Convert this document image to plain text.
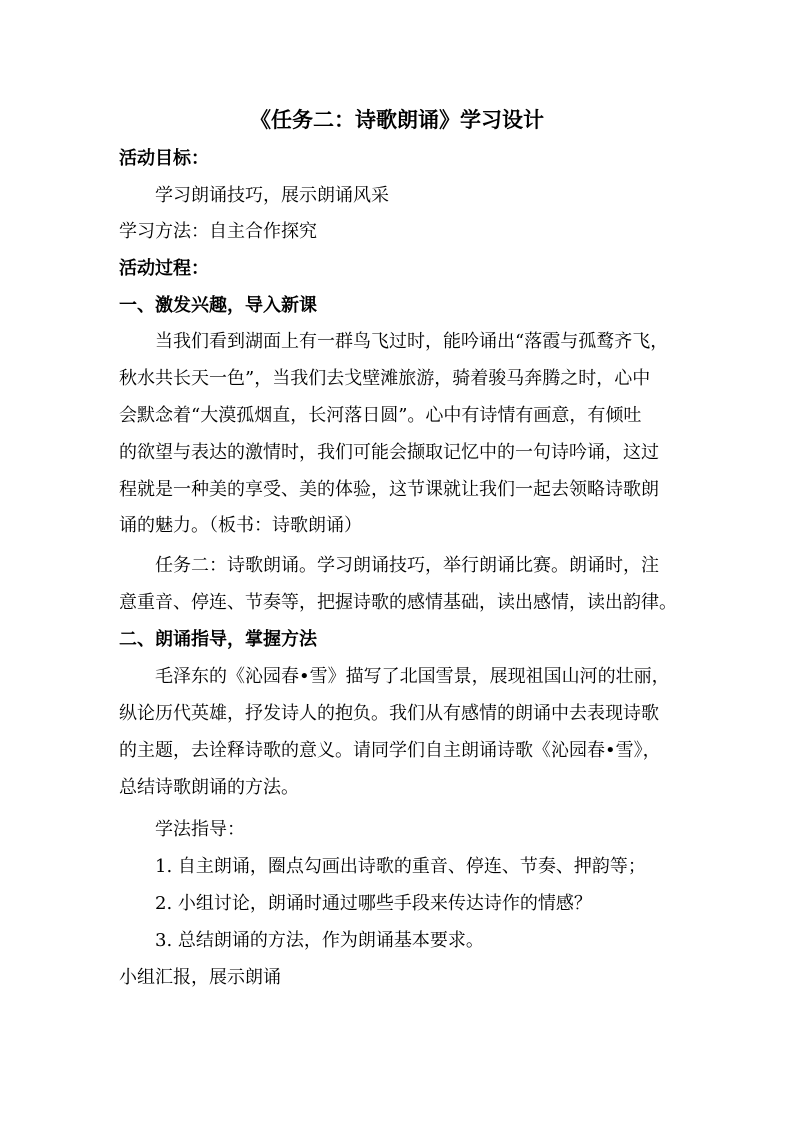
《任务二：诗歌朗诵》学习设计
活动目标：
学习朗诵技巧，展示朗诵风采
学习方法：自主合作探究
活动过程：
一、激发兴趣，导入新课
当我们看到湖面上有一群鸟飞过时，能吟诵出“落霞与孤鹜齐飞，
秋水共长天一色”，当我们去戈壁滩旅游，骑着骏马奔腾之时，心中
会默念着“大漠孤烟直，长河落日圆”。心中有诗情有画意，有倾吐
的欲望与表达的激情时，我们可能会撷取记忆中的一句诗吟诵，这过
程就是一种美的享受、美的体验，这节课就让我们一起去领略诗歌朗
诵的魅力。（板书：诗歌朗诵）
任务二：诗歌朗诵。学习朗诵技巧，举行朗诵比赛。朗诵时，注
意重音、停连、节奏等，把握诗歌的感情基础，读出感情，读出韵律。
二、朗诵指导，掌握方法
毛泽东的《沁园春•雪》描写了北国雪景，展现祖国山河的壮丽，
纵论历代英雄，抒发诗人的抱负。我们从有感情的朗诵中去表现诗歌
的主题，去诠释诗歌的意义。请同学们自主朗诵诗歌《沁园春•雪》，
总结诗歌朗诵的方法。
学法指导：
1. 自主朗诵，圈点勾画出诗歌的重音、停连、节奏、押韵等；
2. 小组讨论，朗诵时通过哪些手段来传达诗作的情感？
3. 总结朗诵的方法，作为朗诵基本要求。
小组汇报，展示朗诵
